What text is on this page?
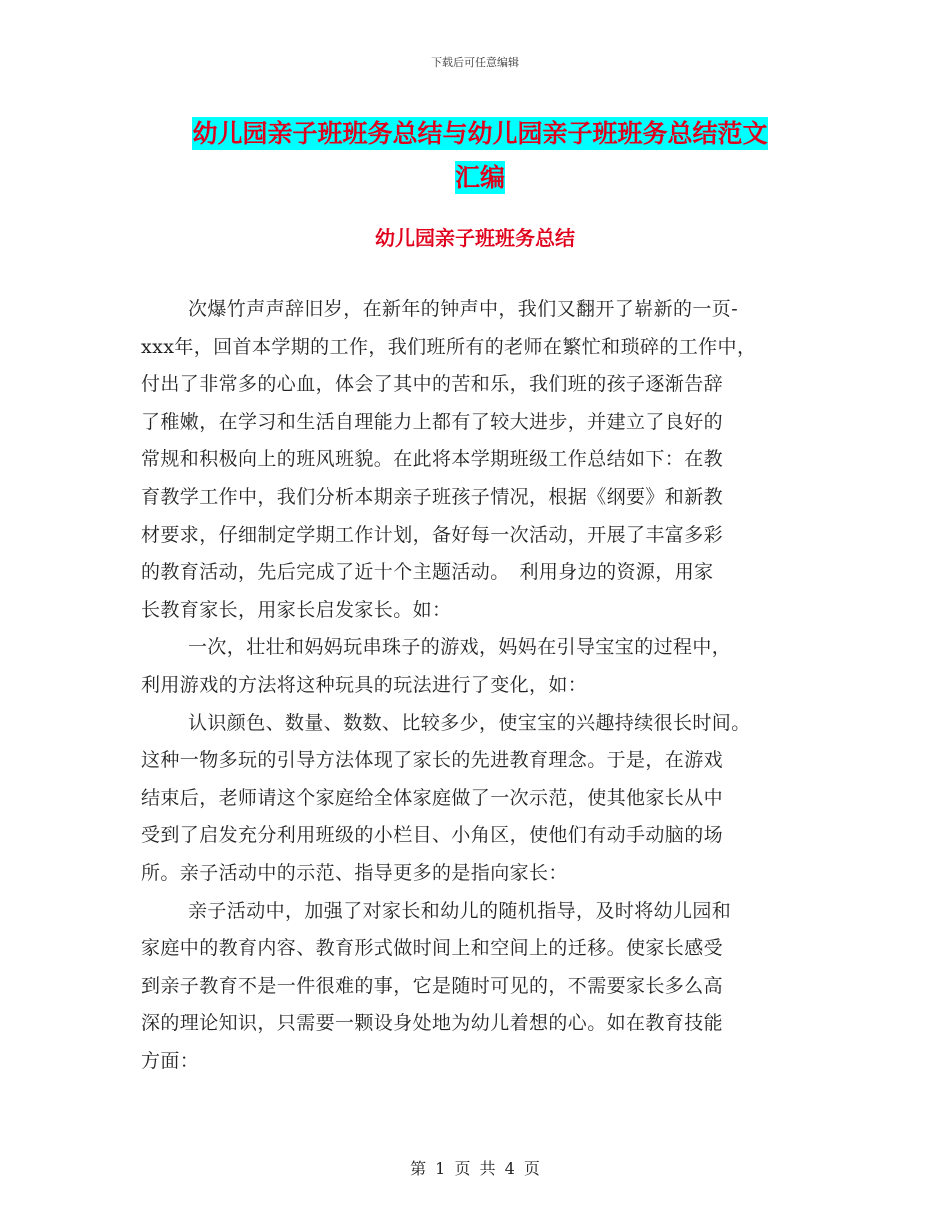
下载后可任意编辑
幼儿园亲子班班务总结与幼儿园亲子班班务总结范文
汇编
幼儿园亲子班班务总结

次爆竹声声辞旧岁，在新年的钟声中，我们又翻开了崭新的一页-
xxx年，回首本学期的工作，我们班所有的老师在繁忙和琐碎的工作中，
付出了非常多的心血，体会了其中的苦和乐，我们班的孩子逐渐告辞
了稚嫩，在学习和生活自理能力上都有了较大进步，并建立了良好的
常规和积极向上的班风班貌。在此将本学期班级工作总结如下：在教
育教学工作中，我们分析本期亲子班孩子情况，根据《纲要》和新教
材要求，仔细制定学期工作计划，备好每一次活动，开展了丰富多彩
的教育活动，先后完成了近十个主题活动。　利用身边的资源，用家
长教育家长，用家长启发家长。如：

一次，壮壮和妈妈玩串珠子的游戏，妈妈在引导宝宝的过程中，
利用游戏的方法将这种玩具的玩法进行了变化，如：

认识颜色、数量、数数、比较多少，使宝宝的兴趣持续很长时间。
这种一物多玩的引导方法体现了家长的先进教育理念。于是，在游戏
结束后，老师请这个家庭给全体家庭做了一次示范，使其他家长从中
受到了启发充分利用班级的小栏目、小角区，使他们有动手动脑的场
所。亲子活动中的示范、指导更多的是指向家长：

亲子活动中，加强了对家长和幼儿的随机指导，及时将幼儿园和
家庭中的教育内容、教育形式做时间上和空间上的迁移。使家长感受
到亲子教育不是一件很难的事，它是随时可见的，不需要家长多么高
深的理论知识，只需要一颗设身处地为幼儿着想的心。如在教育技能
方面：

第 1 页 共 4 页
